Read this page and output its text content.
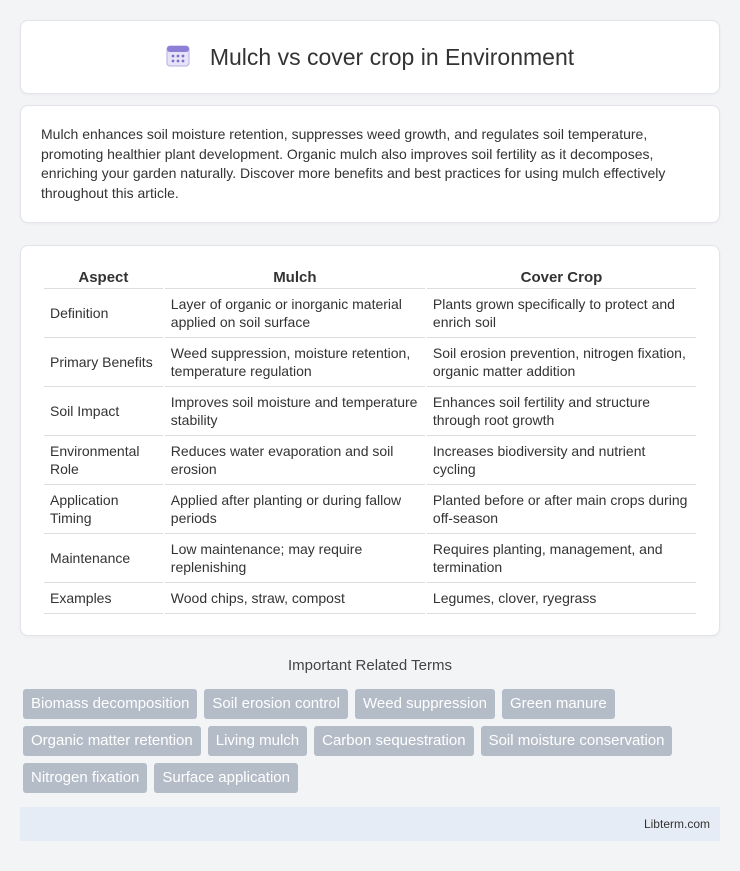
Mulch vs cover crop in Environment

Mulch enhances soil moisture retention, suppresses weed growth, and regulates soil temperature, promoting healthier plant development. Organic mulch also improves soil fertility as it decomposes, enriching your garden naturally. Discover more benefits and best practices for using mulch effectively throughout this article.

Aspect	Mulch	Cover Crop
Definition	Layer of organic or inorganic material applied on soil surface	Plants grown specifically to protect and enrich soil
Primary Benefits	Weed suppression, moisture retention, temperature regulation	Soil erosion prevention, nitrogen fixation, organic matter addition
Soil Impact	Improves soil moisture and temperature stability	Enhances soil fertility and structure through root growth
Environmental Role	Reduces water evaporation and soil erosion	Increases biodiversity and nutrient cycling
Application Timing	Applied after planting or during fallow periods	Planted before or after main crops during off-season
Maintenance	Low maintenance; may require replenishing	Requires planting, management, and termination
Examples	Wood chips, straw, compost	Legumes, clover, ryegrass
Important Related Terms
Biomass decomposition	Soil erosion control	Weed suppression	Green manure
Organic matter retention	Living mulch	Carbon sequestration	Soil moisture conservation
Nitrogen fixation	Surface application
Libterm.com
